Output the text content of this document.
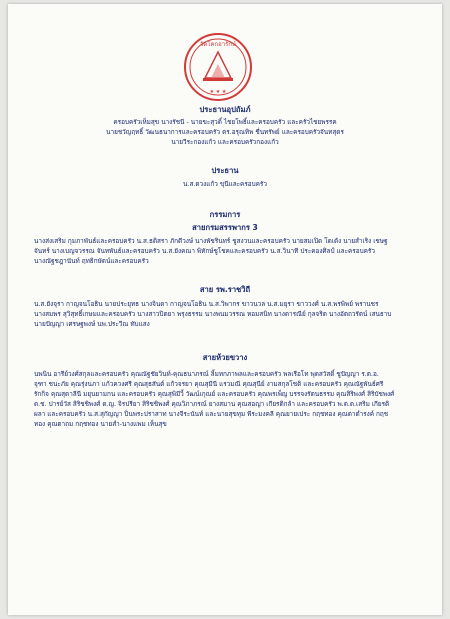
วัดโคกอารักษ์
★ ★ ★
ประธานอุปถัมภ์
ครอบครัวเห็มสุข นางรัชนี - นายขะสุวดิ์ ไชยโพธิ์และครอบครัว และครัวไชยพรรค
นายชวัญฤทธิ์ วัฒนธนาการและครอบครัว ดร.อรุณทิพ ชื่นทรัพย์ และครอบครัวจันทสุดร
นายวีระกองแก้ว และครอบครัวกองแก้ว
ประธาน
น.ส.ดวงแก้ว ขุนีและครอบครัว
กรรมการ
สายกรมสรรพากร 3
นางส่งเสริม กุมภาพันธ์และครอบครัว น.ส.ธดิสรา ภักดีวงษ์ นางพัชรินทร์ ชูสงวนและครอบครัว นายสมเปิด โดเด้ง นายสำเริง เชษฐ
จันทร์ นางเบญจวรรณ จันทพันธ์และครอบครัว น.ส.ยังคณา พิทักษ์ชูโชคและครอบครัว น.ส.วินาที ประคองศิลป์ และครอบครัว
นางณัฐชฎานันท์ ฤทธิกษัตน์และครอบครัว
สาย รพ.ราชวิถี
น.ส.ยังจุรา กาญจนโอธิน นายประยุทธ นางจินดา กาญจนโอธิน น.ส.วิพากร ขาวนวล น.ส.มยุรา ขาววงศ์ น.ส.พรพิพย์ พรานชร
นางสมพร สุวิสุทธิ์เกษมและครอบครัว นางสาวปิตยา พรุงธรรม นางพนมวรรณ หอมสนิท นางดารณีย์ กุลจริต นางอัตถวรัตน์ เสนธาบ
นายปัญญา เศรษฐพงษ์ นพ.ประวีณ ทับแสง
สายห้วยขวาง
นพนิน อารีย์วงศ์สกุลและครอบครัว คุณณัฐชัยวินท์-คุณธนาภรณ์ ลิ้มทกภาพลและครอบครัว พลเรือโท พุดสวัสดิ์ ชูปัญญา ร.ต.อ.
จุฑา ชนะภัย คุณรุ่งนภา แก้วควงศรี คุณสุธสันต์ แก้วจรยา คุณสุมีนี แรวมณี คุณสุนีย์ งามสกุลโชติ และครอบครัว คุณณัฐพันธ์ศรี
รักกิจ คุณสุดาลีนี มยุนยามกน และครอบครัว คุณสุพิมีวิ้ วัฒน์เกุณย์ และครอบครัว คุณพรเพ็ญ บรรจงรัตนธรรม คุณสิริพงศ์ สิริบัชพงศ์
ด.ช. ปารย์วัส สิริชชิพงศ์ ด.ญ. จิรปรียา สิริชชิพงศ์ คุณวิภาภรณ์ ยางสมาน คุณสอญา เกียรติกล้า และครอบครัว พ.ต.ต.เสริม เกียรติ
ผลา และครอบครัว น.ส.สุกัญญา ปิ่นพระปราสาท นางจีระนันท์ และนายสุขทุม พีระมงคลี คุณยายเประ กฤชทอง คุณตาตำรงค์ กฤช
ทอง คุณตาถม กฤชทอง นายสำ-นางแพม เห็นสุข
